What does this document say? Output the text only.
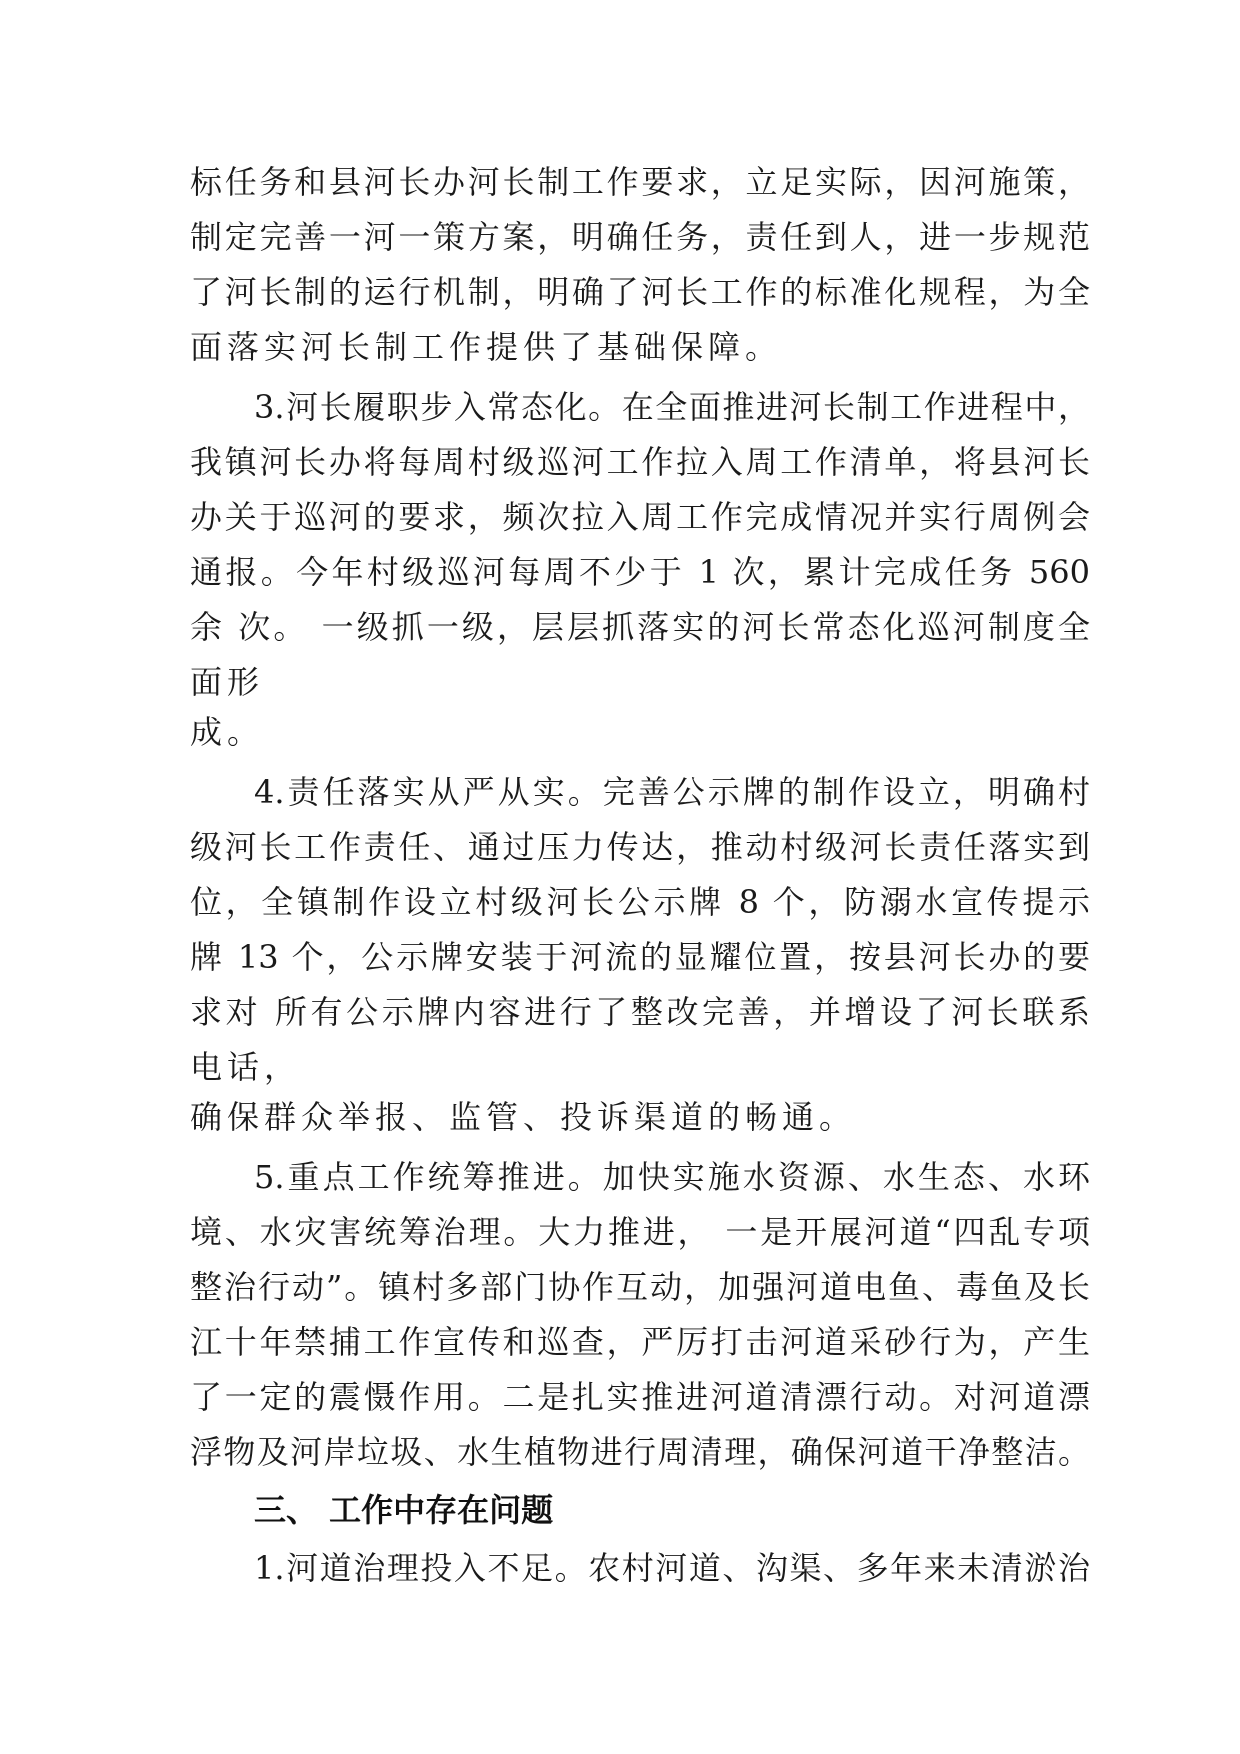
标任务和县河长办河长制工作要求，立足实际，因河施策，
制定完善一河一策方案，明确任务，责任到人，进一步规范
了河长制的运行机制，明确了河长工作的标准化规程，为全
面落实河长制工作提供了基础保障。
3.河长履职步入常态化。在全面推进河长制工作进程中，
我镇河长办将每周村级巡河工作拉入周工作清单，将县河长
办关于巡河的要求，频次拉入周工作完成情况并实行周例会
通报。今年村级巡河每周不少于 1 次，累计完成任务 560
余 次。 一级抓一级，层层抓落实的河长常态化巡河制度全
面形
成。
4.责任落实从严从实。完善公示牌的制作设立，明确村
级河长工作责任、通过压力传达，推动村级河长责任落实到
位，全镇制作设立村级河长公示牌 8 个，防溺水宣传提示
牌 13 个，公示牌安装于河流的显耀位置，按县河长办的要
求对 所有公示牌内容进行了整改完善，并增设了河长联系
电话，
确保群众举报、监管、投诉渠道的畅通。
5.重点工作统筹推进。加快实施水资源、水生态、水环
境、水灾害统筹治理。大力推进， 一是开展河道“四乱专项
整治行动”。镇村多部门协作互动，加强河道电鱼、毒鱼及长
江十年禁捕工作宣传和巡查，严厉打击河道采砂行为，产生
了一定的震慑作用。二是扎实推进河道清漂行动。对河道漂
浮物及河岸垃圾、水生植物进行周清理，确保河道干净整洁。
三、 工作中存在问题
1.河道治理投入不足。农村河道、沟渠、多年来未清淤治
